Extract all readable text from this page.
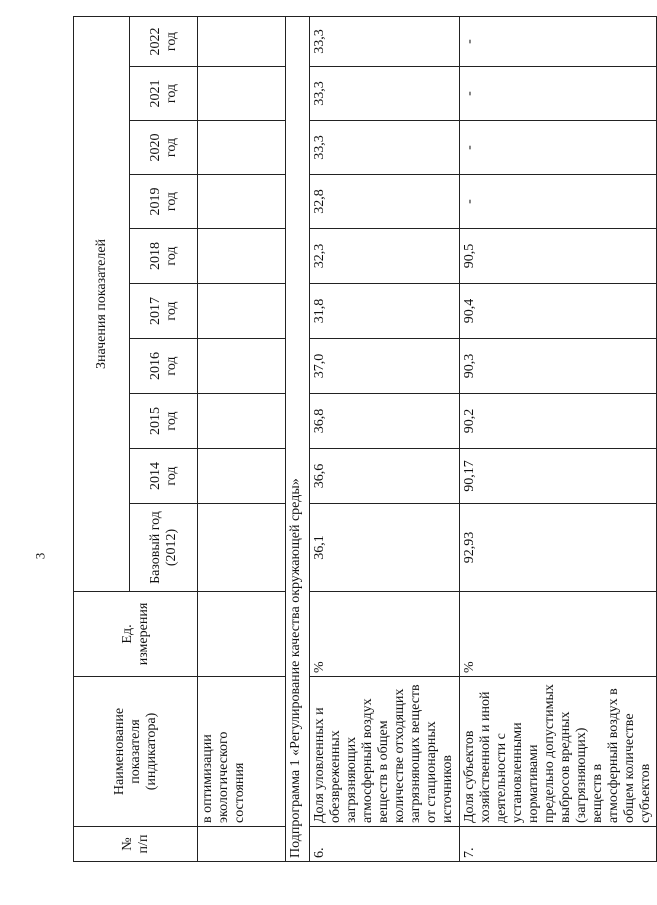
3
№ п/п	Наименование показателя (индикатора)	Ед. измерения	Значения показателей									
			Базовый год (2012)	2014 год	2015 год	2016 год	2017 год	2018 год	2019 год	2020 год	2021 год	2022 год
	в оптимизации экологического состояния											
Подпрограмма 1 «Регулирование качества окружающей среды»												
6.	Доля уловленных и обезвреженных загрязняющих атмосферный воздух веществ в общем количестве отходящих загрязняющих веществ от стационарных источников	%	36,1	36,6	36,8	37,0	31,8	32,3	32,8	33,3	33,3	33,3
7.	Доля субъектов хозяйственной и иной деятельности с установленными нормативами предельно допустимых выбросов вредных (загрязняющих) веществ в атмосферный воздух в общем количестве субъектов	%	92,93	90,17	90,2	90,3	90,4	90,5	-	-	-	-
